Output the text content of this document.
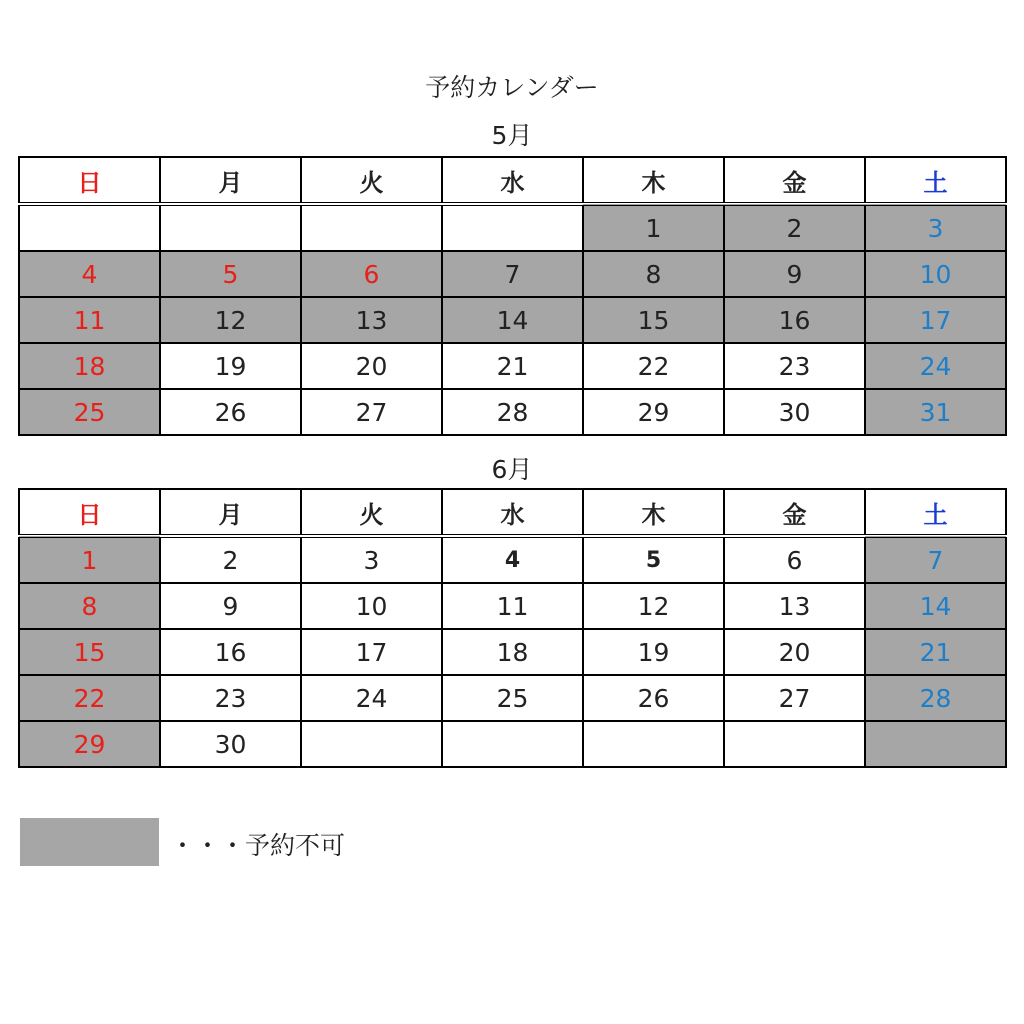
予約カレンダー
5月
日	月	火	水	木	金	土
				1	2	3
4	5	6	7	8	9	10
11	12	13	14	15	16	17
18	19	20	21	22	23	24
25	26	27	28	29	30	31
6月
日	月	火	水	木	金	土
1	2	3	4	5	6	7
8	9	10	11	12	13	14
15	16	17	18	19	20	21
22	23	24	25	26	27	28
29	30					
・・・予約不可
